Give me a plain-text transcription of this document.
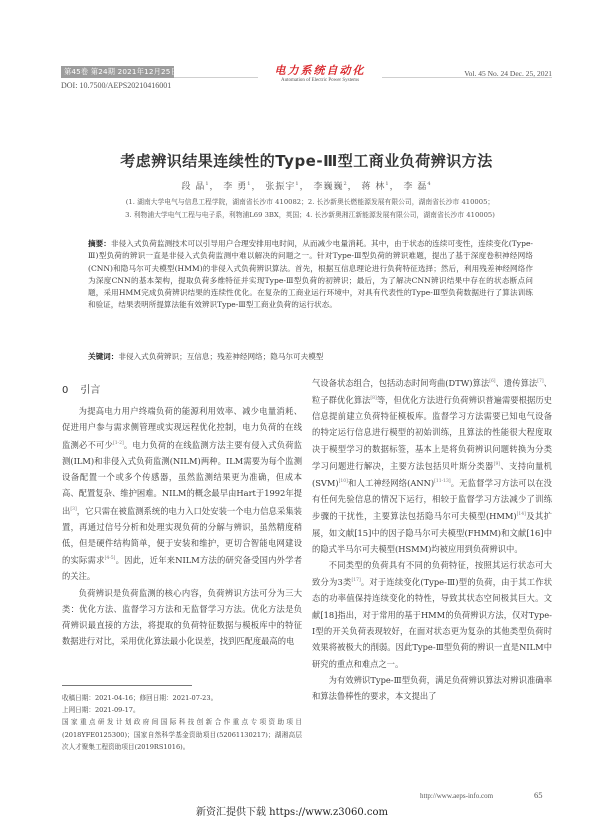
第45卷 第24期 2021年12月25日
DOI: 10.7500/AEPS20210416001
电力系统自动化
Automation of Electric Power Systems
Vol. 45 No. 24 Dec. 25, 2021
考虑辨识结果连续性的Type-Ⅲ型工商业负荷辨识方法
段 晶$^1$， 李 勇$^1$， 张振宇$^1$， 李巍巍$^2$， 蒋 林$^1$， 李 磊$^4$
(1. 湖南大学电气与信息工程学院，湖南省长沙市 410082；2. 长沙新奥长燃能源发展有限公司，湖南省长沙市 410005；
3. 利物浦大学电气工程与电子系，利物浦L69 3BX，英国；4. 长沙新奥湘江新能源发展有限公司，湖南省长沙市 410005)
摘要：非侵入式负荷监测技术可以引导用户合理安排用电时间，从而减少电量消耗。其中，由于状态的连续可变性，连续变化(Type-Ⅲ)型负荷的辨识一直是非侵入式负荷监测中难以解决的问题之一。针对Type-Ⅲ型负荷的辨识难题，提出了基于深度卷积神经网络(CNN)和隐马尔可夫模型(HMM)的非侵入式负荷辨识算法。首先，根据互信息理论进行负荷特征选择；然后，利用残差神经网络作为深度CNN的基本架构，提取负荷多维特征并实现Type-Ⅲ型负荷的初辨识；最后，为了解决CNN辨识结果中存在的状态断点问题，采用HMM完成负荷辨识结果的连续性优化。在复杂的工商业运行环境中，对具有代表性的Type-Ⅲ型负荷数据进行了算法训练和验证，结果表明所提算法能有效辨识Type-Ⅲ型工商业负荷的运行状态。
关键词：非侵入式负荷辨识；互信息；残差神经网络；隐马尔可夫模型
0 引言

为提高电力用户终端负荷的能源利用效率、减少电量消耗、促进用户参与需求侧管理或实现远程优化控制，电力负荷的在线监测必不可少[1-2]。电力负荷的在线监测方法主要有侵入式负荷监测(ILM)和非侵入式负荷监测(NILM)两种。ILM需要为每个监测设备配置一个或多个传感器，虽然监测结果更为准确，但成本高、配置复杂、维护困难。NILM的概念最早由Hart于1992年提出[3]，它只需在被监测系统的电力入口处安装一个电力信息采集装置，再通过信号分析和处理实现负荷的分解与辨识，虽然精度稍低，但是硬件结构简单，便于安装和维护，更切合智能电网建设的实际需求[4-5]。因此，近年来NILM方法的研究备受国内外学者的关注。

负荷辨识是负荷监测的核心内容，负荷辨识方法可分为三大类：优化方法、监督学习方法和无监督学习方法。优化方法是负荷辨识最直接的方法，将提取的负荷特征数据与模板库中的特征数据进行对比，采用优化算法最小化误差，找到匹配度最高的电

收稿日期：2021-04-16；修回日期：2021-07-23。

上网日期：2021-09-17。

国家重点研发计划政府间国际科技创新合作重点专项资助项目(2018YFE0125300)；国家自然科学基金资助项目(52061130217)；湖湘高层次人才聚集工程资助项目(2019RS1016)。

气设备状态组合，包括动态时间弯曲(DTW)算法[6]、遗传算法[7]、粒子群优化算法[8]等，但优化方法进行负荷辨识普遍需要根据历史信息提前建立负荷特征模板库。监督学习方法需要已知电气设备的特定运行信息进行模型的初始训练，且算法的性能很大程度取决于模型学习的数据标签，基本上是将负荷辨识问题转换为分类学习问题进行解决，主要方法包括贝叶斯分类器[9]、支持向量机(SVM)[10]和人工神经网络(ANN)[11-13]。无监督学习方法可以在没有任何先验信息的情况下运行，相较于监督学习方法减少了训练步骤的干扰性，主要算法包括隐马尔可夫模型(HMM)[14]及其扩展，如文献[15]中的因子隐马尔可夫模型(FHMM)和文献[16]中的隐式半马尔可夫模型(HSMM)均被应用到负荷辨识中。

不同类型的负荷具有不同的负荷特征，按照其运行状态可大致分为3类[17]。对于连续变化(Type-Ⅲ)型的负荷，由于其工作状态的功率值保持连续变化的特性，导致其状态空间极其巨大。文献[18]指出，对于常用的基于HMM的负荷辨识方法，仅对Type-Ⅰ型的开关负荷表现较好，在面对状态更为复杂的其他类型负荷时效果将被极大的削弱。因此Type-Ⅲ型负荷的辨识一直是NILM中研究的重点和难点之一。

为有效辨识Type-Ⅲ型负荷，满足负荷辨识算法对辨识准确率和算法鲁棒性的要求，本文提出了

http://www.aeps-info.com	65
新资汇提供下载 https://www.z3060.com
